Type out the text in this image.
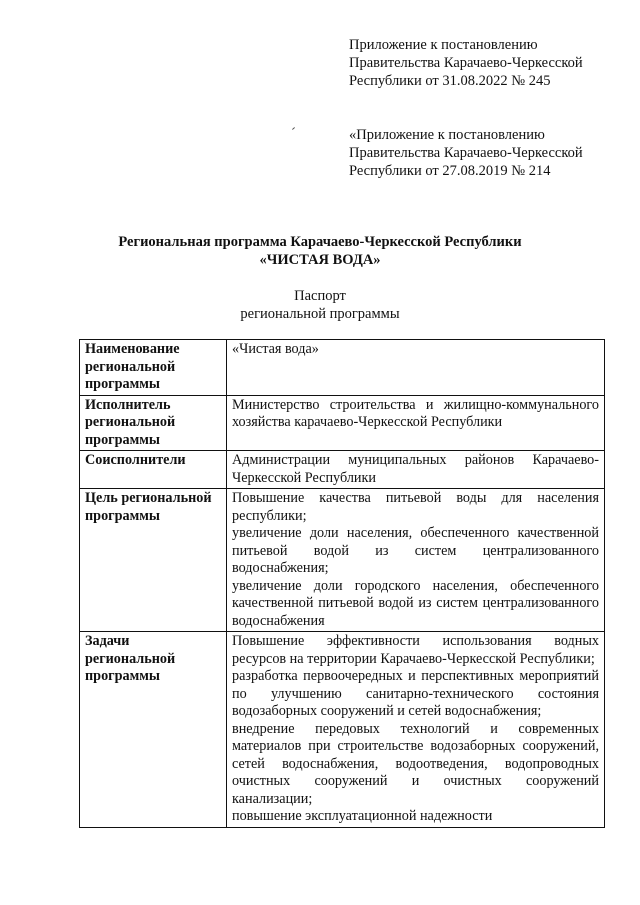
Приложение к постановлению
Правительства Карачаево-Черкесской
Республики от 31.08.2022 № 245
«Приложение к постановлению
Правительства Карачаево-Черкесской
Республики от 27.08.2019 № 214
Региональная программа Карачаево-Черкесской Республики
«ЧИСТАЯ ВОДА»
Паспорт
региональной программы
Наименование региональной программы	«Чистая вода»
Исполнитель региональной программы	Министерство строительства и жилищно-коммунального хозяйства карачаево-Черкесской Республики
Соисполнители	Администрации муниципальных районов Карачаево-Черкесской Республики
Цель региональной программы	Повышение качества питьевой воды для населения республики;
увеличение доли населения, обеспеченного качественной питьевой водой из систем централизованного водоснабжения;
увеличение доли городского населения, обеспеченного качественной питьевой водой из систем централизованного водоснабжения

Задачи региональной программы	Повышение эффективности использования водных ресурсов на территории Карачаево-Черкесской Республики;
разработка первоочередных и перспективных мероприятий по улучшению санитарно-технического состояния водозаборных сооружений и сетей водоснабжения;
внедрение передовых технологий и современных материалов при строительстве водозаборных сооружений, сетей водоснабжения, водоотведения, водопроводных очистных сооружений и очистных сооружений канализации;
повышение эксплуатационной надежности
